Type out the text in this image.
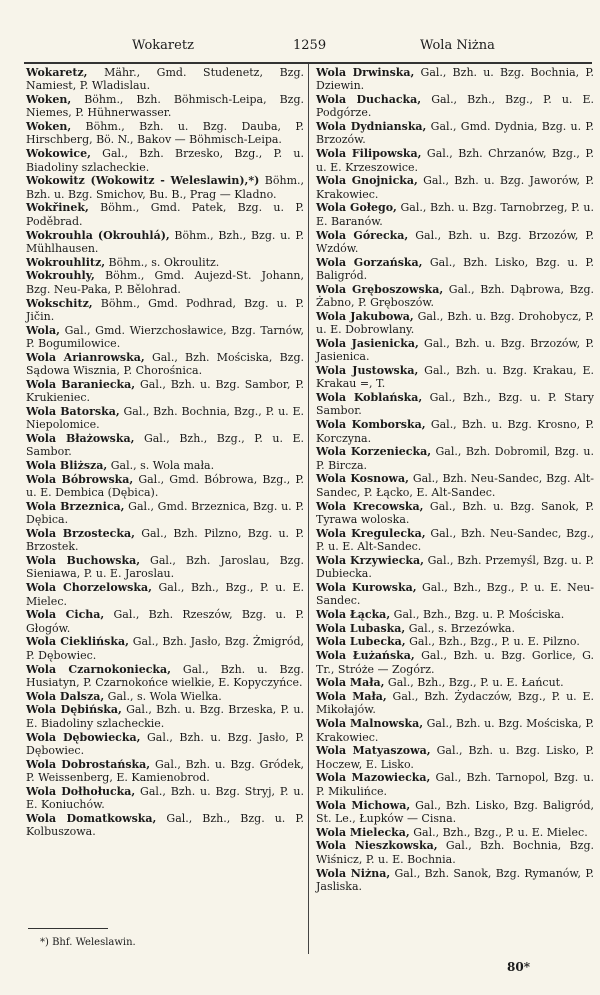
Wokaretz	1259	Wola Niżna

Wokaretz, Mähr., Gmd. Studenetz, Bzg. Namiest, P. Wladislau.

Woken, Böhm., Bzh. Böhmisch-Leipa, Bzg. Niemes, P. Hühnerwasser.

Woken, Böhm., Bzh. u. Bzg. Dauba, P. Hirschberg, Bö. N., Bakov — Böhmisch-Leipa.

Wokowice, Gal., Bzh. Brzesko, Bzg., P. u. Biadoliny szlacheckie.

Wokowitz (Wokowitz - Weleslawin),*) Böhm., Bzh. u. Bzg. Smichov, Bu. B., Prag — Kladno.

Wokřinek, Böhm., Gmd. Patek, Bzg. u. P. Poděbrad.

Wokrouhla (Okrouhlá), Böhm., Bzh., Bzg. u. P. Mühlhausen.

Wokrouhlitz, Böhm., s. Okroulitz.

Wokrouhly, Böhm., Gmd. Aujezd-St. Johann, Bzg. Neu-Paka, P. Bělohrad.

Wokschitz, Böhm., Gmd. Podhrad, Bzg. u. P. Jičin.

Wola, Gal., Gmd. Wierzchosławice, Bzg. Tarnów, P. Bogumilowice.

Wola Arianrowska, Gal., Bzh. Mościska, Bzg. Sądowa Wisznia, P. Chorośnica.

Wola Baraniecka, Gal., Bzh. u. Bzg. Sambor, P. Krukieniec.

Wola Batorska, Gal., Bzh. Bochnia, Bzg., P. u. E. Niepolomice.

Wola Błażowska, Gal., Bzh., Bzg., P. u. E. Sambor.

Wola Bliższa, Gal., s. Wola mała.

Wola Bóbrowska, Gal., Gmd. Bóbrowa, Bzg., P. u. E. Dembica (Dębica).

Wola Brzeznica, Gal., Gmd. Brzeznica, Bzg. u. P. Dębica.

Wola Brzostecka, Gal., Bzh. Pilzno, Bzg. u. P. Brzostek.

Wola Buchowska, Gal., Bzh. Jaroslau, Bzg. Sieniawa, P. u. E. Jaroslau.

Wola Chorzelowska, Gal., Bzh., Bzg., P. u. E. Mielec.

Wola Cicha, Gal., Bzh. Rzeszów, Bzg. u. P. Głogów.

Wola Cieklińska, Gal., Bzh. Jasło, Bzg. Żmigród, P. Dębowiec.

Wola Czarnokoniecka, Gal., Bzh. u. Bzg. Husiatyn, P. Czarnokońce wielkie, E. Kopyczyńce.

Wola Dalsza, Gal., s. Wola Wielka.

Wola Dębińska, Gal., Bzh. u. Bzg. Brzeska, P. u. E. Biadoliny szlacheckie.

Wola Dębowiecka, Gal., Bzh. u. Bzg. Jasło, P. Dębowiec.

Wola Dobrostańska, Gal., Bzh. u. Bzg. Gródek, P. Weissenberg, E. Kamienobrod.

Wola Dołhołucka, Gal., Bzh. u. Bzg. Stryj, P. u. E. Koniuchów.

Wola Domatkowska, Gal., Bzh., Bzg. u. P. Kolbuszowa.

Wola Drwinska, Gal., Bzh. u. Bzg. Bochnia, P. Dziewin.

Wola Duchacka, Gal., Bzh., Bzg., P. u. E. Podgórze.

Wola Dydnianska, Gal., Gmd. Dydnia, Bzg. u. P. Brzozów.

Wola Filipowska, Gal., Bzh. Chrzanów, Bzg., P. u. E. Krzeszowice.

Wola Gnojnicka, Gal., Bzh. u. Bzg. Jaworów, P. Krakowiec.

Wola Gołego, Gal., Bzh. u. Bzg. Tarnobrzeg, P. u. E. Baranów.

Wola Górecka, Gal., Bzh. u. Bzg. Brzozów, P. Wzdów.

Wola Gorzańska, Gal., Bzh. Lisko, Bzg. u. P. Baligród.

Wola Gręboszowska, Gal., Bzh. Dąbrowa, Bzg. Żabno, P. Gręboszów.

Wola Jakubowa, Gal., Bzh. u. Bzg. Drohobycz, P. u. E. Dobrowlany.

Wola Jasienicka, Gal., Bzh. u. Bzg. Brzozów, P. Jasienica.

Wola Justowska, Gal., Bzh. u. Bzg. Krakau, E. Krakau =, T.

Wola Koblańska, Gal., Bzh., Bzg. u. P. Stary Sambor.

Wola Komborska, Gal., Bzh. u. Bzg. Krosno, P. Korczyna.

Wola Korzeniecka, Gal., Bzh. Dobromil, Bzg. u. P. Bircza.

Wola Kosnowa, Gal., Bzh. Neu-Sandec, Bzg. Alt-Sandec, P. Łącko, E. Alt-Sandec.

Wola Krecowska, Gal., Bzh. u. Bzg. Sanok, P. Tyrawa woloska.

Wola Kregulecka, Gal., Bzh. Neu-Sandec, Bzg., P. u. E. Alt-Sandec.

Wola Krzywiecka, Gal., Bzh. Przemyśl, Bzg. u. P. Dubiecka.

Wola Kurowska, Gal., Bzh., Bzg., P. u. E. Neu-Sandec.

Wola Łącka, Gal., Bzh., Bzg. u. P. Mościska.

Wola Lubaska, Gal., s. Brzezówka.

Wola Lubecka, Gal., Bzh., Bzg., P. u. E. Pilzno.

Wola Łużańska, Gal., Bzh. u. Bzg. Gorlice, G. Tr., Stróże — Zogórz.

Wola Mała, Gal., Bzh., Bzg., P. u. E. Łańcut.

Wola Mała, Gal., Bzh. Żydaczów, Bzg., P. u. E. Mikołajów.

Wola Malnowska, Gal., Bzh. u. Bzg. Mościska, P. Krakowiec.

Wola Matyaszowa, Gal., Bzh. u. Bzg. Lisko, P. Hoczew, E. Lisko.

Wola Mazowiecka, Gal., Bzh. Tarnopol, Bzg. u. P. Mikulińce.

Wola Michowa, Gal., Bzh. Lisko, Bzg. Baligród, St. Le., Łupków — Cisna.

Wola Mielecka, Gal., Bzh., Bzg., P. u. E. Mielec.

Wola Nieszkowska, Gal., Bzh. Bochnia, Bzg. Wiśnicz, P. u. E. Bochnia.

Wola Niżna, Gal., Bzh. Sanok, Bzg. Rymanów, P. Jasliska.

*) Bhf. Weleslawin.
80*
